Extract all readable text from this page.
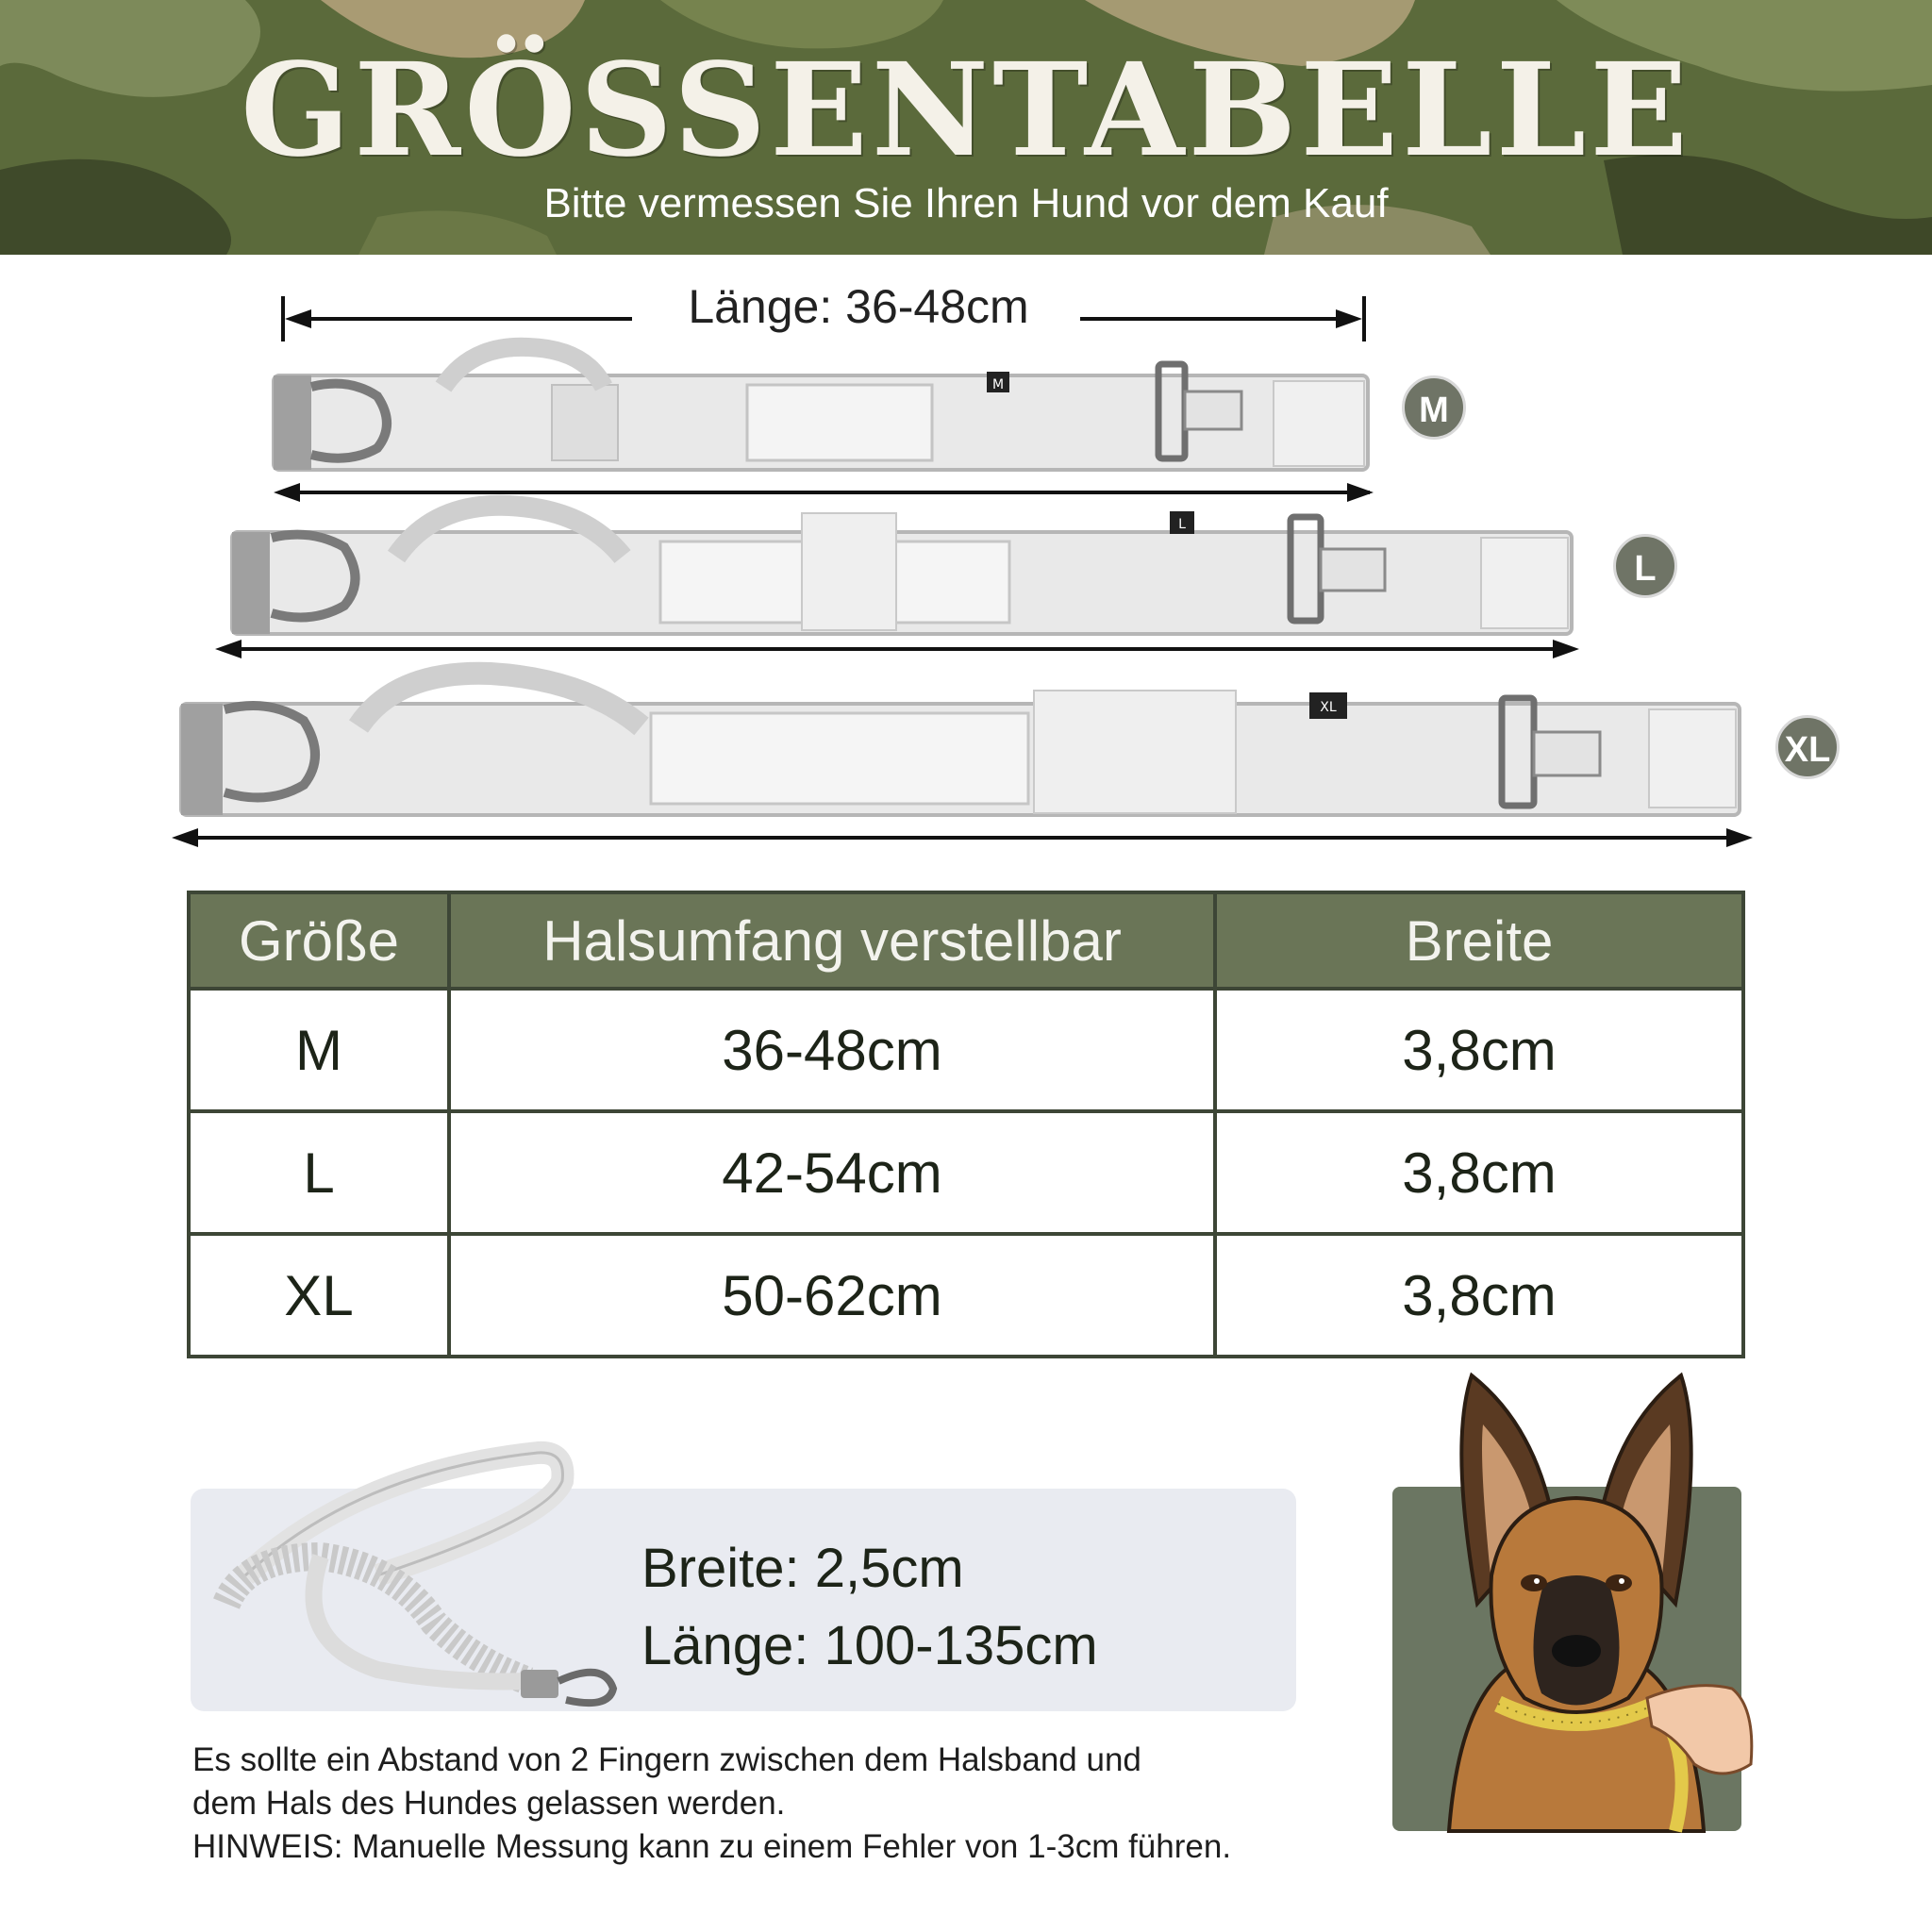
GRÖSSENTABELLE
Bitte vermessen Sie Ihren Hund vor dem Kauf
M
L
XL
Länge: 36-48cm
M
L
XL
Größe	Halsumfang verstellbar	Breite
M	36-48cm	3,8cm
L	42-54cm	3,8cm
XL	50-62cm	3,8cm
Breite: 2,5cm
Länge: 100-135cm
Es sollte ein Abstand von 2 Fingern zwischen dem Halsband und
dem Hals des Hundes gelassen werden.
HINWEIS: Manuelle Messung kann zu einem Fehler von 1-3cm führen.
